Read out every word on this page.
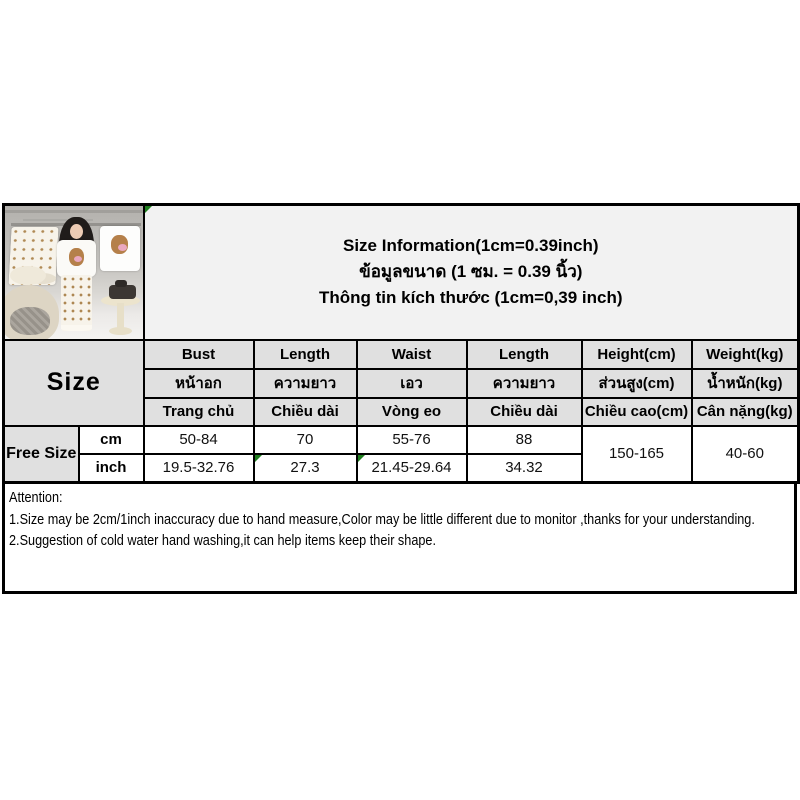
		Size Information(1cm=0.39inch)
ข้อมูลขนาด (1 ซม. = 0.39 นิ้ว)
Thông tin kích thước (1cm=0,39 inch)					

Size		Bust	Length	Waist	Length	Height(cm)	Weight(kg)
		หน้าอก	ความยาว	เอว	ความยาว	ส่วนสูง(cm)	น้ำหนัก(kg)
		Trang chủ	Chiều dài	Vòng eo	Chiều dài	Chiều cao(cm)	Cân nặng(kg)
Free Size	cm	50-84	70	55-76	88	150-165	40-60
	inch	19.5-32.76	27.3	21.45-29.64	34.32		
Attention:
1.Size may be 2cm/1inch inaccuracy due to hand measure,Color may be little different due to monitor ,thanks for your understanding.
2.Suggestion of cold water hand washing,it can help items keep their shape.
